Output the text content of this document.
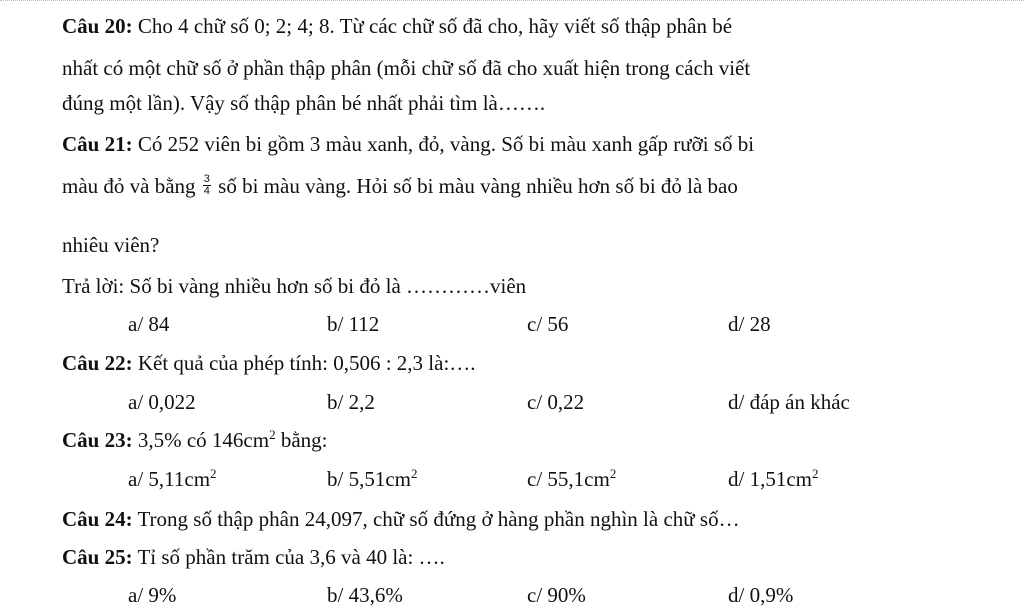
Câu 20: Cho 4 chữ số 0; 2; 4; 8. Từ các chữ số đã cho, hãy viết số thập phân bé
nhất có một chữ số ở phần thập phân (mỗi chữ số đã cho xuất hiện trong cách viết
đúng một lần). Vậy số thập phân bé nhất phải tìm là…….
Câu 21: Có 252 viên bi gồm 3 màu xanh, đỏ, vàng. Số bi màu xanh gấp rưỡi số bi
màu đỏ và bằng $\frac{3}{4}$ số bi màu vàng. Hỏi số bi màu vàng nhiều hơn số bi đỏ là bao
nhiêu viên?
Trả lời: Số bi vàng nhiều hơn số bi đỏ là …………viên
a/ 84	b/ 112	c/ 56	d/ 28
Câu 22: Kết quả của phép tính: 0,506 : 2,3 là:….
a/ 0,022	b/ 2,2	c/ 0,22	d/ đáp án khác
Câu 23: 3,5% có $146cm^2$ bằng:
a/ $5,11cm^2$	b/ $5,51cm^2$	c/ $55,1cm^2$	d/ $1,51cm^2$
Câu 24: Trong số thập phân 24,097, chữ số đứng ở hàng phần nghìn là chữ số…
Câu 25: Tỉ số phần trăm của 3,6 và 40 là: ….
a/ 9%	b/ 43,6%	c/ 90%	d/ 0,9%
